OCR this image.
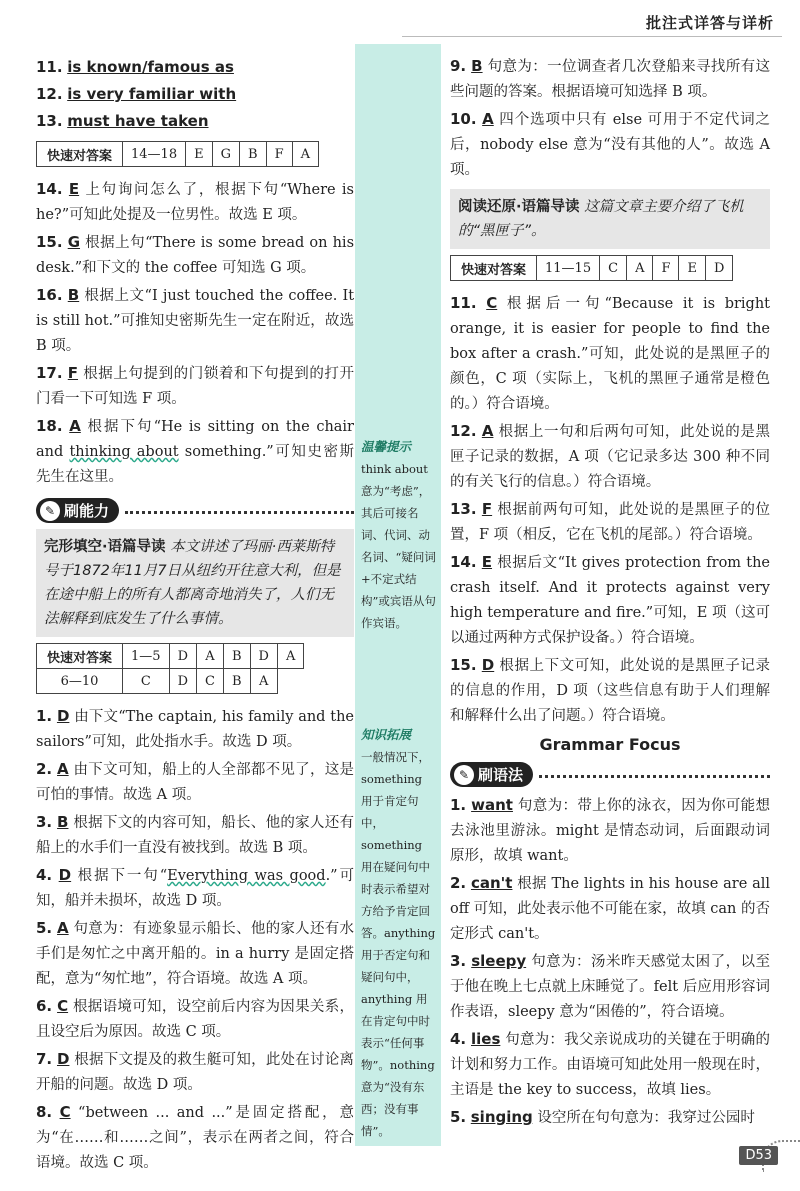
批注式详答与详析
温馨提示
think about 意为“考虑”，其后可接名词、代词、动名词、“疑问词+不定式结构”或宾语从句作宾语。
知识拓展
一般情况下，something 用于肯定句中，something 用在疑问句中时表示希望对方给予肯定回答。anything 用于否定句和疑问句中，anything 用在肯定句中时表示“任何事物”。nothing 意为“没有东西；没有事情”。
11. is known/famous as
12. is very familiar with
13. must have taken
快速对答案	14—18	E	G	B	F	A
14. E 上句询问怎么了，根据下句“Where is he?”可知此处提及一位男性。故选 E 项。
15. G 根据上句“There is some bread on his desk.”和下文的 the coffee 可知选 G 项。
16. B 根据上文“I just touched the coffee. It is still hot.”可推知史密斯先生一定在附近，故选 B 项。
17. F 根据上句提到的门锁着和下句提到的打开门看一下可知选 F 项。
18. A 根据下句“He is sitting on the chair and thinking about something.”可知史密斯先生在这里。
✎ 刷能力
完形填空·语篇导读 本文讲述了玛丽·西莱斯特号于1872年11月7日从纽约开往意大利，但是在途中船上的所有人都离奇地消失了，人们无法解释到底发生了什么事情。
快速对答案	1—5	D	A	B	D	A
6—10	C	D	C	B	A	
1. D 由下文“The captain, his family and the sailors”可知，此处指水手。故选 D 项。
2. A 由下文可知，船上的人全部都不见了，这是可怕的事情。故选 A 项。
3. B 根据下文的内容可知，船长、他的家人还有船上的水手们一直没有被找到。故选 B 项。
4. D 根据下一句“Everything was good.”可知，船并未损坏，故选 D 项。
5. A 句意为：有迹象显示船长、他的家人还有水手们是匆忙之中离开船的。in a hurry 是固定搭配，意为“匆忙地”，符合语境。故选 A 项。
6. C 根据语境可知，设空前后内容为因果关系，且设空后为原因。故选 C 项。
7. D 根据下文提及的救生艇可知，此处在讨论离开船的问题。故选 D 项。
8. C “between ... and ...”是固定搭配，意为“在……和……之间”，表示在两者之间，符合语境。故选 C 项。
9. B 句意为：一位调查者几次登船来寻找所有这些问题的答案。根据语境可知选择 B 项。
10. A 四个选项中只有 else 可用于不定代词之后，nobody else 意为“没有其他的人”。故选 A 项。
阅读还原·语篇导读 这篇文章主要介绍了飞机的“黑匣子”。
快速对答案	11—15	C	A	F	E	D
11. C 根据后一句“Because it is bright orange, it is easier for people to find the box after a crash.”可知，此处说的是黑匣子的颜色，C 项（实际上，飞机的黑匣子通常是橙色的。）符合语境。
12. A 根据上一句和后两句可知，此处说的是黑匣子记录的数据，A 项（它记录多达 300 种不同的有关飞行的信息。）符合语境。
13. F 根据前两句可知，此处说的是黑匣子的位置，F 项（相反，它在飞机的尾部。）符合语境。
14. E 根据后文“It gives protection from the crash itself. And it protects against very high temperature and fire.”可知，E 项（这可以通过两种方式保护设备。）符合语境。
15. D 根据上下文可知，此处说的是黑匣子记录的信息的作用，D 项（这些信息有助于人们理解和解释什么出了问题。）符合语境。
Grammar Focus
✎ 刷语法
1. want 句意为：带上你的泳衣，因为你可能想去泳池里游泳。might 是情态动词，后面跟动词原形，故填 want。
2. can't 根据 The lights in his house are all off 可知，此处表示他不可能在家，故填 can 的否定形式 can't。
3. sleepy 句意为：汤米昨天感觉太困了，以至于他在晚上七点就上床睡觉了。felt 后应用形容词作表语，sleepy 意为“困倦的”，符合语境。
4. lies 句意为：我父亲说成功的关键在于明确的计划和努力工作。由语境可知此处用一般现在时，主语是 the key to success，故填 lies。
5. singing 设空所在句句意为：我穿过公园时
D53
